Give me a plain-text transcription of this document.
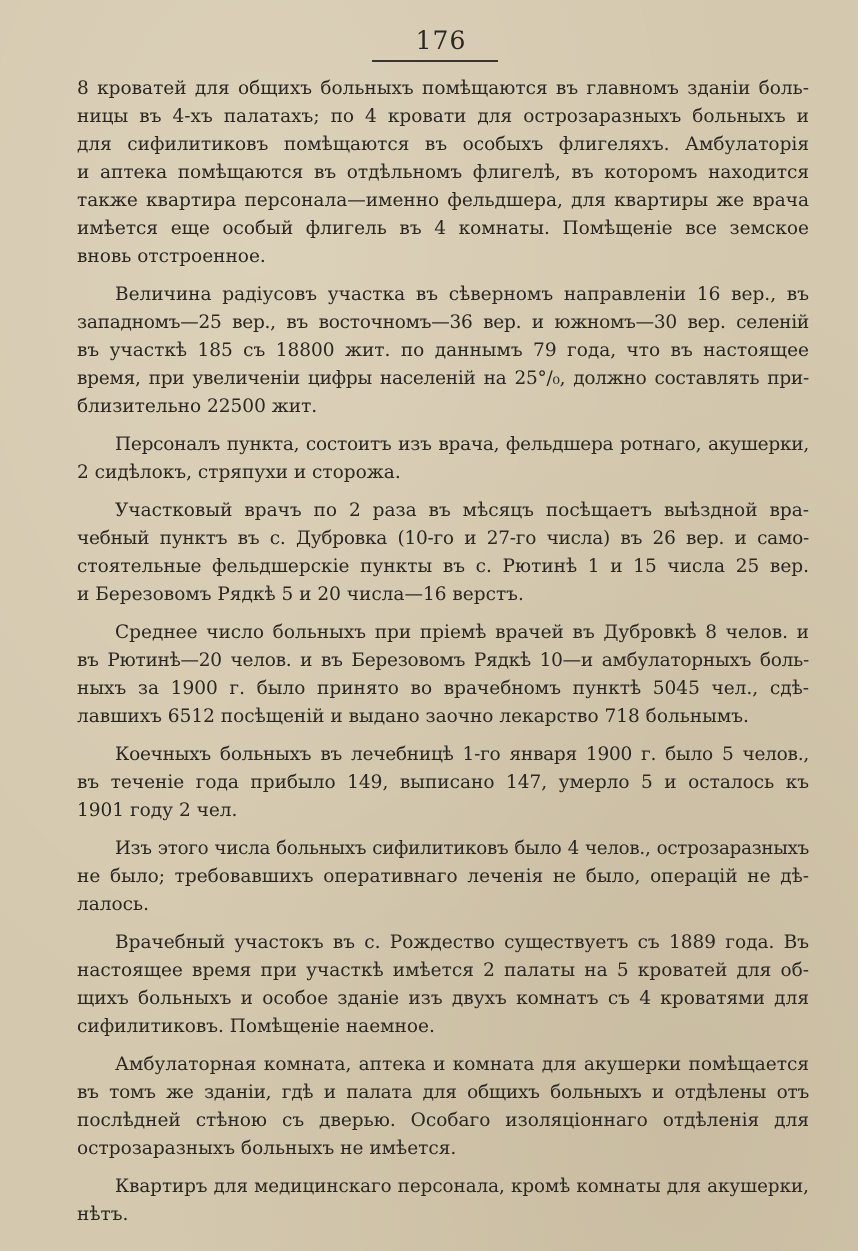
176
8 кроватей для общихъ больныхъ помѣщаются въ главномъ зданіи боль-
ницы въ 4-хъ палатахъ; по 4 кровати для острозаразныхъ больныхъ и
для сифилитиковъ помѣщаются въ особыхъ флигеляхъ. Амбулаторія
и аптека помѣщаются въ отдѣльномъ флигелѣ, въ которомъ находится
также квартира персонала—именно фельдшера, для квартиры же врача
имѣется еще особый флигель въ 4 комнаты. Помѣщеніе все земское
вновь отстроенное.
Величина радіусовъ участка въ сѣверномъ направленіи 16 вер., въ
западномъ—25 вер., въ восточномъ—36 вер. и южномъ—30 вер. селеній
въ участкѣ 185 съ 18800 жит. по даннымъ 79 года, что въ настоящее
время, при увеличеніи цифры населеній на 25°/₀, должно составлять при-
близительно 22500 жит.
Персоналъ пункта, состоитъ изъ врача, фельдшера ротнаго, акушерки,
2 сидѣлокъ, стряпухи и сторожа.
Участковый врачъ по 2 раза въ мѣсяцъ посѣщаетъ выѣздной вра-
чебный пунктъ въ с. Дубровка (10-го и 27-го числа) въ 26 вер. и само-
стоятельные фельдшерскіе пункты въ с. Рютинѣ 1 и 15 числа 25 вер.
и Березовомъ Рядкѣ 5 и 20 числа—16 верстъ.
Среднее число больныхъ при пріемѣ врачей въ Дубровкѣ 8 челов. и
въ Рютинѣ—20 челов. и въ Березовомъ Рядкѣ 10—и амбулаторныхъ боль-
ныхъ за 1900 г. было принято во врачебномъ пунктѣ 5045 чел., сдѣ-
лавшихъ 6512 посѣщеній и выдано заочно лекарство 718 больнымъ.
Коечныхъ больныхъ въ лечебницѣ 1-го января 1900 г. было 5 челов.,
въ теченіе года прибыло 149, выписано 147, умерло 5 и осталось къ
1901 году 2 чел.
Изъ этого числа больныхъ сифилитиковъ было 4 челов., острозаразныхъ
не было; требовавшихъ оперативнаго леченія не было, операцій не дѣ-
лалось.
Врачебный участокъ въ с. Рождество существуетъ съ 1889 года. Въ
настоящее время при участкѣ имѣется 2 палаты на 5 кроватей для об-
щихъ больныхъ и особое зданіе изъ двухъ комнатъ съ 4 кроватями для
сифилитиковъ. Помѣщеніе наемное.
Амбулаторная комната, аптека и комната для акушерки помѣщается
въ томъ же зданіи, гдѣ и палата для общихъ больныхъ и отдѣлены отъ
послѣдней стѣною съ дверью. Особаго изоляціоннаго отдѣленія для
острозаразныхъ больныхъ не имѣется.
Квартиръ для медицинскаго персонала, кромѣ комнаты для акушерки,
нѣтъ.
